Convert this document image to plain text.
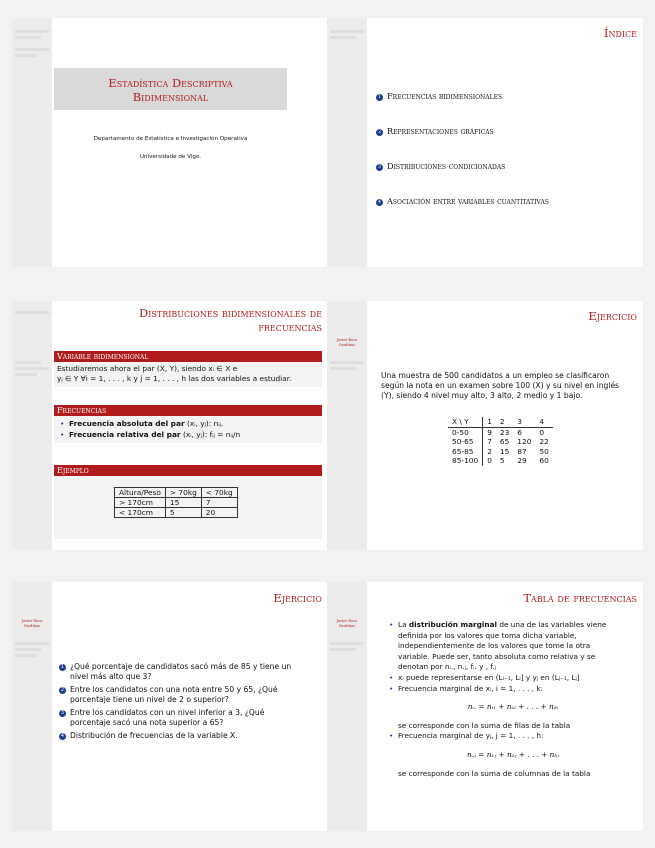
Estadística Descriptiva
Bidimensional
Departamento de Estatística e Investigación Operativa
Universidade de Vigo.
Índice
1 Frecuencias bidimensionales
2 Representaciones gráficas
3 Distribuciones condicionadas
4 Asociación entre variables cuantitativas
Distribuciones bidimensionales de
frecuencias
Variable bidimensional
Estudiaremos ahora el par (X, Y), siendo xᵢ ∈ X e
yⱼ ∈ Y ∀i = 1, . . . , k y j = 1, . . . , h las dos variables a estudiar.
Frecuencias
• Frecuencia absoluta del par (xᵢ, yⱼ): nᵢⱼ.
• Frecuencia relativa del par (xᵢ, yⱼ): fᵢⱼ = nᵢⱼ/n
Ejemplo
Altura/Peso	> 70kg	< 70kg
> 170cm	15	7
< 170cm	5	20
Javier Roca
Pardiñas
Ejercicio
Una muestra de 500 candidatos a un empleo se clasificaron
según la nota en un examen sobre 100 (X) y su nivel en inglés
(Y), siendo 4 nivel muy alto, 3 alto, 2 medio y 1 bajo.
X \ Y	1	2	3	4
0-50	9	23	6	0
50-65	7	65	120	22
65-85	2	15	87	50
85-100	0	5	29	60
Javier Roca
Pardiñas
Ejercicio
1 ¿Qué porcentaje de candidatos sacó más de 85 y tiene un
nivel más alto que 3?
2 Entre los candidatos con una nota entre 50 y 65, ¿Qué
porcentaje tiene un nivel de 2 o superior?
3 Entre los candidatos con un nivel inferior a 3, ¿Qué
porcentaje sacó una nota superior a 65?
4 Distribución de frecuencias de la variable X.
Javier Roca
Pardiñas
Tabla de frecuencias
• La distribución marginal de una de las variables viene
definida por los valores que toma dicha variable,
independientemente de los valores que tome la otra
variable. Puede ser, tanto absoluta como relativa y se
denotan por nᵢ., n.ⱼ, fᵢ. y , f.ⱼ
• xᵢ puede representarse en (Lᵢ₋₁, Lᵢ] y yⱼ en (Lⱼ₋₁, Lⱼ]
• Frecuencia marginal de xᵢ, i = 1, . . . , k:
nᵢ. = nᵢ₁ + nᵢ₂ + . . . + nᵢₕ
se corresponde con la suma de filas de la tabla
• Frecuencia marginal de yⱼ, j = 1, . . . , h:
n.ⱼ = n₁ⱼ + n₂ⱼ + . . . + nₖⱼ
se corresponde con la suma de columnas de la tabla
